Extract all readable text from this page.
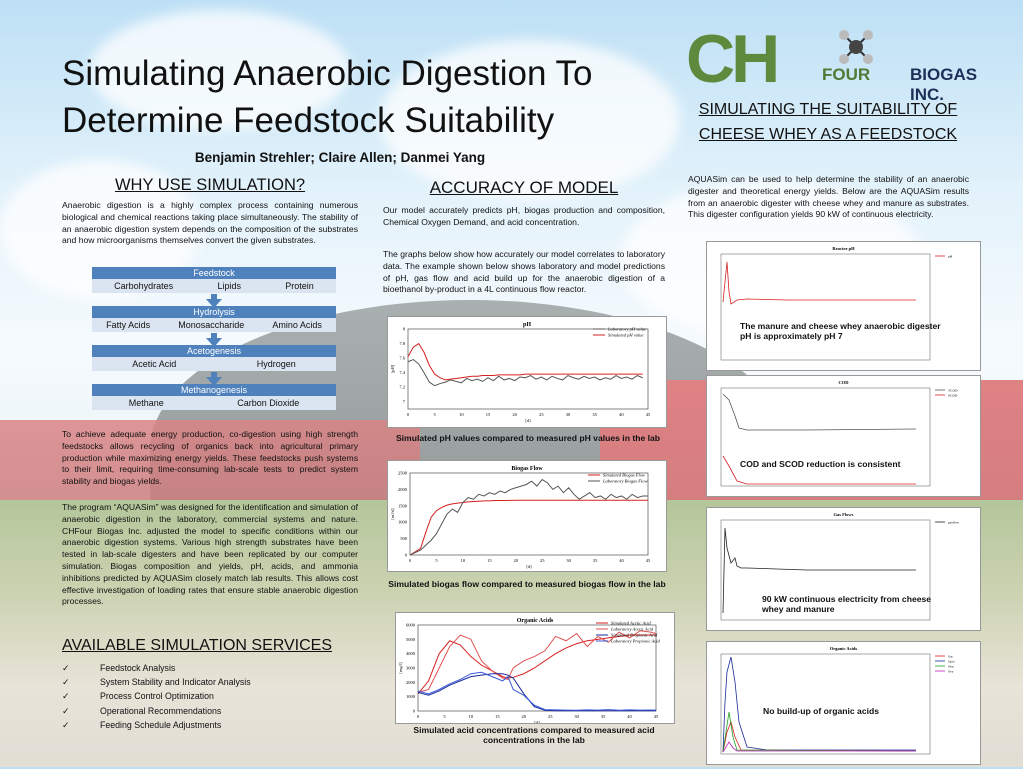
Simulating Anaerobic Digestion To
Determine Feedstock Suitability
Benjamin Strehler; Claire Allen; Danmei Yang
CH	FOUR BIOGAS INC.
WHY USE SIMULATION?
Anaerobic digestion is a highly complex process containing numerous biological and chemical reactions taking place simultaneously. The stability of an anaerobic digestion system depends on the composition of the substrates and how microorganisms themselves convert the given substrates.
Feedstock
Carbohydrates	Lipids	Protein
Hydrolysis
Fatty Acids	Monosaccharide	Amino Acids
Acetogenesis
Acetic Acid	Hydrogen
Methanogenesis
Methane	Carbon Dioxide
To achieve adequate energy production, co-digestion using high strength feedstocks allows recycling of organics back into agricultural primary production while maximizing energy yields. These feedstocks push systems to their limit, requiring time-consuming lab-scale tests to predict system stability and biogas yields.
The program “AQUASim” was designed for the identification and simulation of anaerobic digestion in the laboratory, commercial systems and nature. CHFour Biogas Inc. adjusted the model to specific conditions within our anaerobic digestion systems. Various high strength substrates have been tested in lab-scale digesters and have been replicated by our computer simulation. Biogas composition and yields, pH, acids, and ammonia inhibitions predicted by AQUASim closely match lab results. This allows cost effective investigation of loading rates that ensure stable anaerobic digestion processes.
AVAILABLE SIMULATION SERVICES
✓	Feedstock Analysis
✓	System Stability and Indicator Analysis
✓	Process Control Optimization
✓	Operational Recommendations
✓	Feeding Schedule Adjustments
ACCURACY OF MODEL
Our model accurately predicts pH, biogas production and composition, Chemical Oxygen Demand, and acid concentration.
The graphs below show how accurately our model correlates to laboratory data. The example shown below shows laboratory and model predictions of pH, gas flow and acid build up for the anaerobic digestion of a bioethanol by-product in a 4L continuous flow reactor.
pH
0	5	10	15	20	25	30	35	40	45
7
7.2
7.4
7.6
7.8
8
[d]
[pH]
Laboratory pH value
Simulated pH value
Simulated pH values compared to measured pH values in the lab
Biogas Flow
0	5	10	15	20	25	30	35	40	45
0
500
1000
1500
2000
2500
[d]
[ml/d]
Simulated Biogas Flow
Laboratory Biogas Flow
Simulated biogas flow compared to measured biogas flow in the lab
Organic Acids
0	5	10	15	20	25	30	35	40	45
0
1000
2000
3000
4000
5000
6000
[d]
[mg/l]
Simulated Acetic Acid
Laboratory Acetic Acid
Simulated Propionic Acid
Laboratory Propionic Acid
Simulated acid concentrations compared to measured acid concentrations in the lab
SIMULATING THE SUITABILITY OF CHEESE WHEY AS A FEEDSTOCK
AQUASim can be used to help determine the stability of an anaerobic digester and theoretical energy yields. Below are the AQUASim results from an anaerobic digester with cheese whey and manure as substrates. This digester configuration yields 90 kW of continuous electricity.
Reactor pH
pH
The manure and cheese whey anaerobic digester pH is approximately pH 7
COD
TCOD
SCOD
COD and SCOD reduction is consistent
Gas Flows
gasflow
90 kW continuous electricity from cheese whey and manure
Organic Acids
Sac
Spro
Sbu
Sva
No build-up of organic acids
